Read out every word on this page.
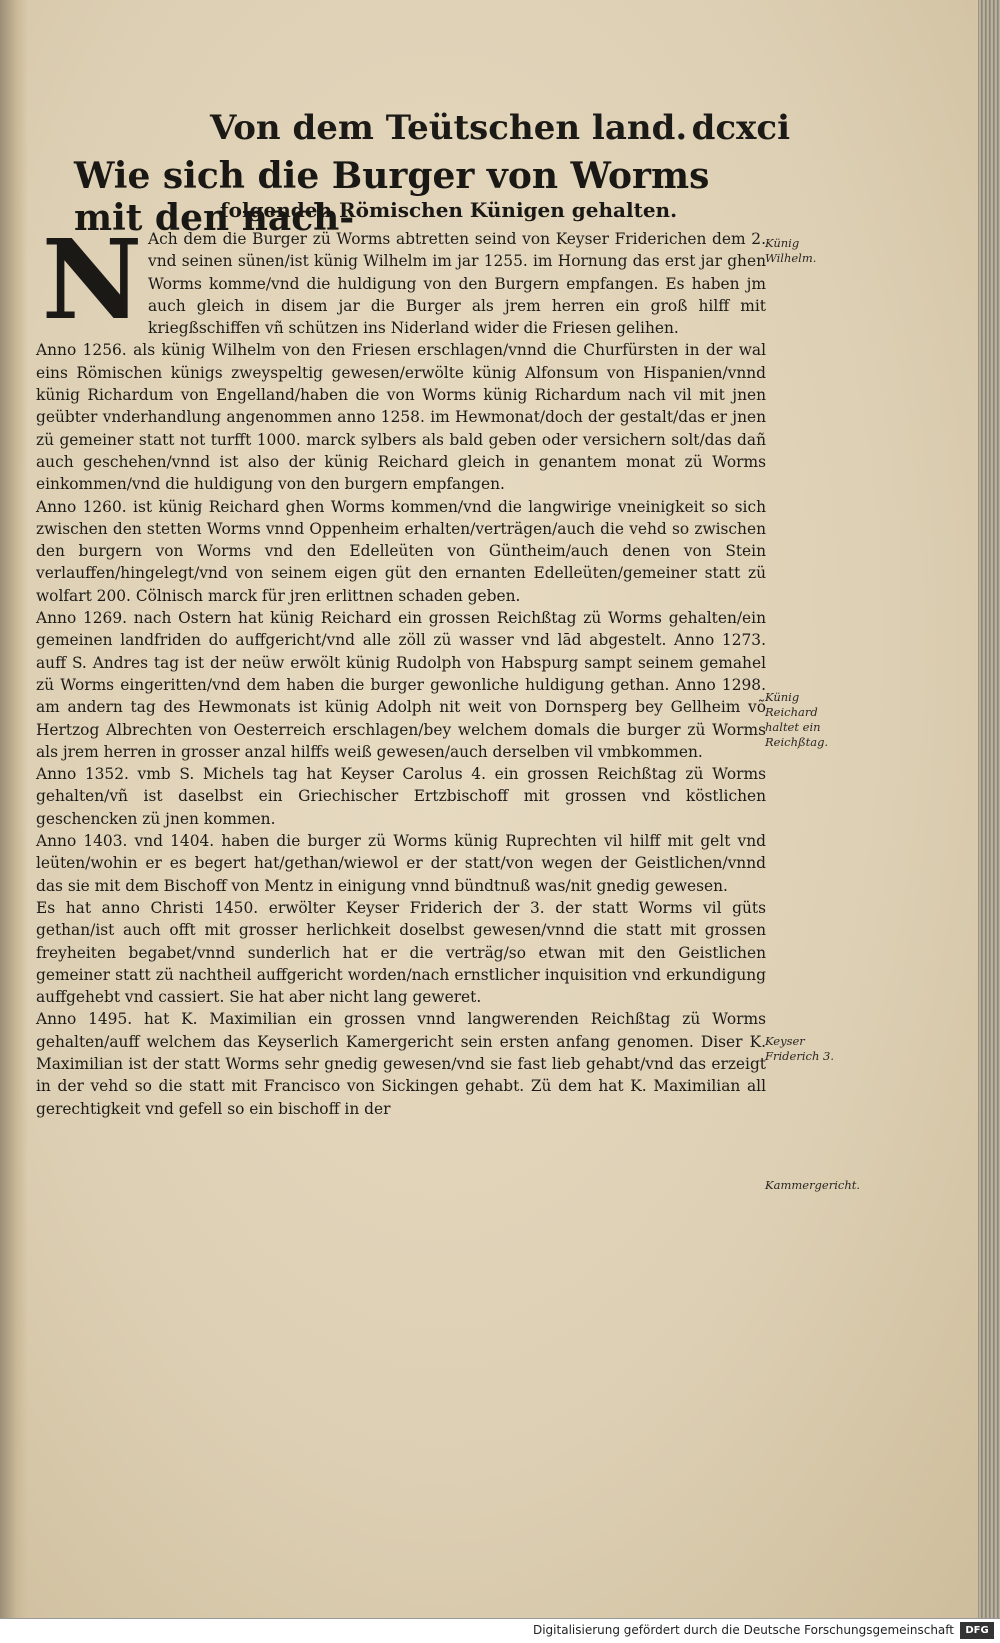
Von dem Teütschen land. dcxci
Wie sich die Burger von Worms mit den nach-
folgenden Römischen Künigen gehalten.
N Ach dem die Burger zü Worms abtretten seind von Keyser Friderichen dem 2. vnd seinen sünen/ist künig Wilhelm im jar 1255. im Hornung das erst jar ghen Worms komme/vnd die huldigung von den Burgern empfangen. Es haben jm auch gleich in disem jar die Burger als jrem herren ein groß hilff mit kriegßschiffen vñ schützen ins Niderland wider die Friesen gelihen.

Anno 1256. als künig Wilhelm von den Friesen erschlagen/vnnd die Churfürsten in der wal eins Römischen künigs zweyspeltig gewesen/erwölte künig Alfonsum von Hispanien/vnnd künig Richardum von Engelland/haben die von Worms künig Richardum nach vil mit jnen geübter vnderhandlung angenommen anno 1258. im Hewmonat/doch der gestalt/das er jnen zü gemeiner statt not turfft 1000. marck sylbers als bald geben oder versichern solt/das dañ auch geschehen/vnnd ist also der künig Reichard gleich in genantem monat zü Worms einkommen/vnd die huldigung von den burgern empfangen.

Anno 1260. ist künig Reichard ghen Worms kommen/vnd die langwirige vneinigkeit so sich zwischen den stetten Worms vnnd Oppenheim erhalten/verträgen/auch die vehd so zwischen den burgern von Worms vnd den Edelleüten von Güntheim/auch denen von Stein verlauffen/hingelegt/vnd von seinem eigen güt den ernanten Edelleüten/gemeiner statt zü wolfart 200. Cölnisch marck für jren erlittnen schaden geben.

Anno 1269. nach Ostern hat künig Reichard ein grossen Reichßtag zü Worms gehalten/ein gemeinen landfriden do auffgericht/vnd alle zöll zü wasser vnd lād abgestelt. Anno 1273. auff S. Andres tag ist der neüw erwölt künig Rudolph von Habspurg sampt seinem gemahel zü Worms eingeritten/vnd dem haben die burger gewonliche huldigung gethan. Anno 1298. am andern tag des Hewmonats ist künig Adolph nit weit von Dornsperg bey Gellheim võ Hertzog Albrechten von Oesterreich erschlagen/bey welchem domals die burger zü Worms als jrem herren in grosser anzal hilffs weiß gewesen/auch derselben vil vmbkommen.

Anno 1352. vmb S. Michels tag hat Keyser Carolus 4. ein grossen Reichßtag zü Worms gehalten/vñ ist daselbst ein Griechischer Ertzbischoff mit grossen vnd köstlichen geschencken zü jnen kommen.

Anno 1403. vnd 1404. haben die burger zü Worms künig Ruprechten vil hilff mit gelt vnd leüten/wohin er es begert hat/gethan/wiewol er der statt/von wegen der Geistlichen/vnnd das sie mit dem Bischoff von Mentz in einigung vnnd bündtnuß was/nit gnedig gewesen.

Es hat anno Christi 1450. erwölter Keyser Friderich der 3. der statt Worms vil güts gethan/ist auch offt mit grosser herlichkeit doselbst gewesen/vnnd die statt mit grossen freyheiten begabet/vnnd sunderlich hat er die verträg/so etwan mit den Geistlichen gemeiner statt zü nachtheil auffgericht worden/nach ernstlicher inquisition vnd erkundigung auffgehebt vnd cassiert. Sie hat aber nicht lang geweret.

Anno 1495. hat K. Maximilian ein grossen vnnd langwerenden Reichßtag zü Worms gehalten/auff welchem das Keyserlich Kamergericht sein ersten anfang genomen. Diser K. Maximilian ist der statt Worms sehr gnedig gewesen/vnd sie fast lieb gehabt/vnd das erzeigt in der vehd so die statt mit Francisco von Sickingen gehabt. Zü dem hat K. Maximilian all gerechtigkeit vnd gefell so ein bischoff in der

Künig Wilhelm.
Künig Reichard haltet ein Reichßtag.
Keyser Friderich 3.
Kammergericht.
Digitalisierung gefördert durch die Deutsche Forschungsgemeinschaft	DFG
